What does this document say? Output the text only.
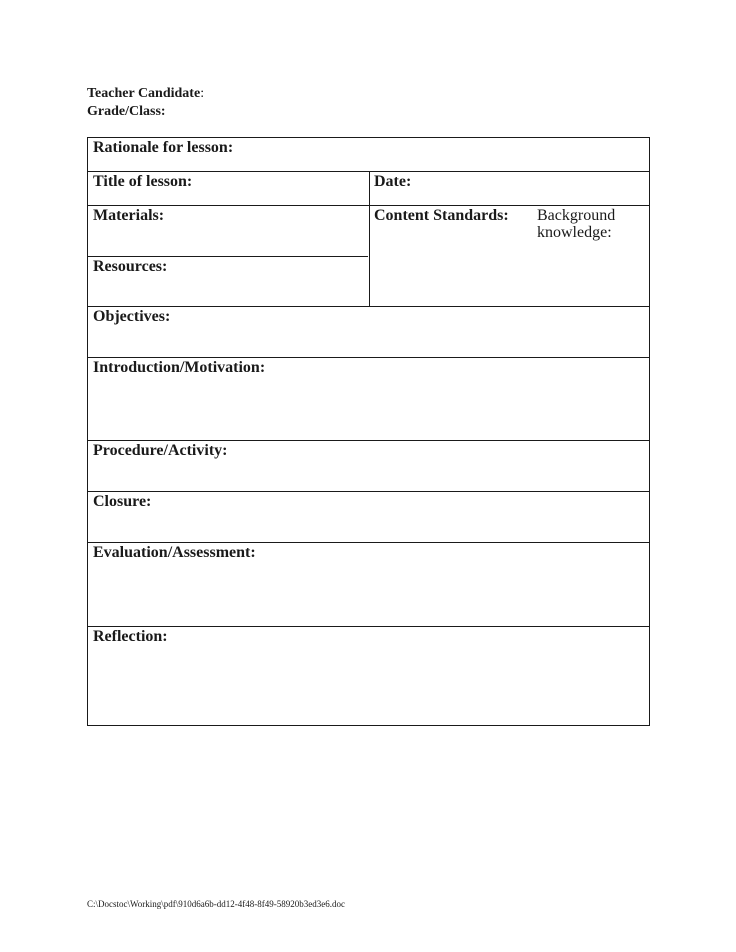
Teacher Candidate:
Grade/Class:
Rationale for lesson:
Title of lesson:	Date:
Materials:	Content Standards: Background
knowledge:
Resources:
Objectives:
Introduction/Motivation:
Procedure/Activity:
Closure:
Evaluation/Assessment:
Reflection:
C:\Docstoc\Working\pdf\910d6a6b-dd12-4f48-8f49-58920b3ed3e6.doc
